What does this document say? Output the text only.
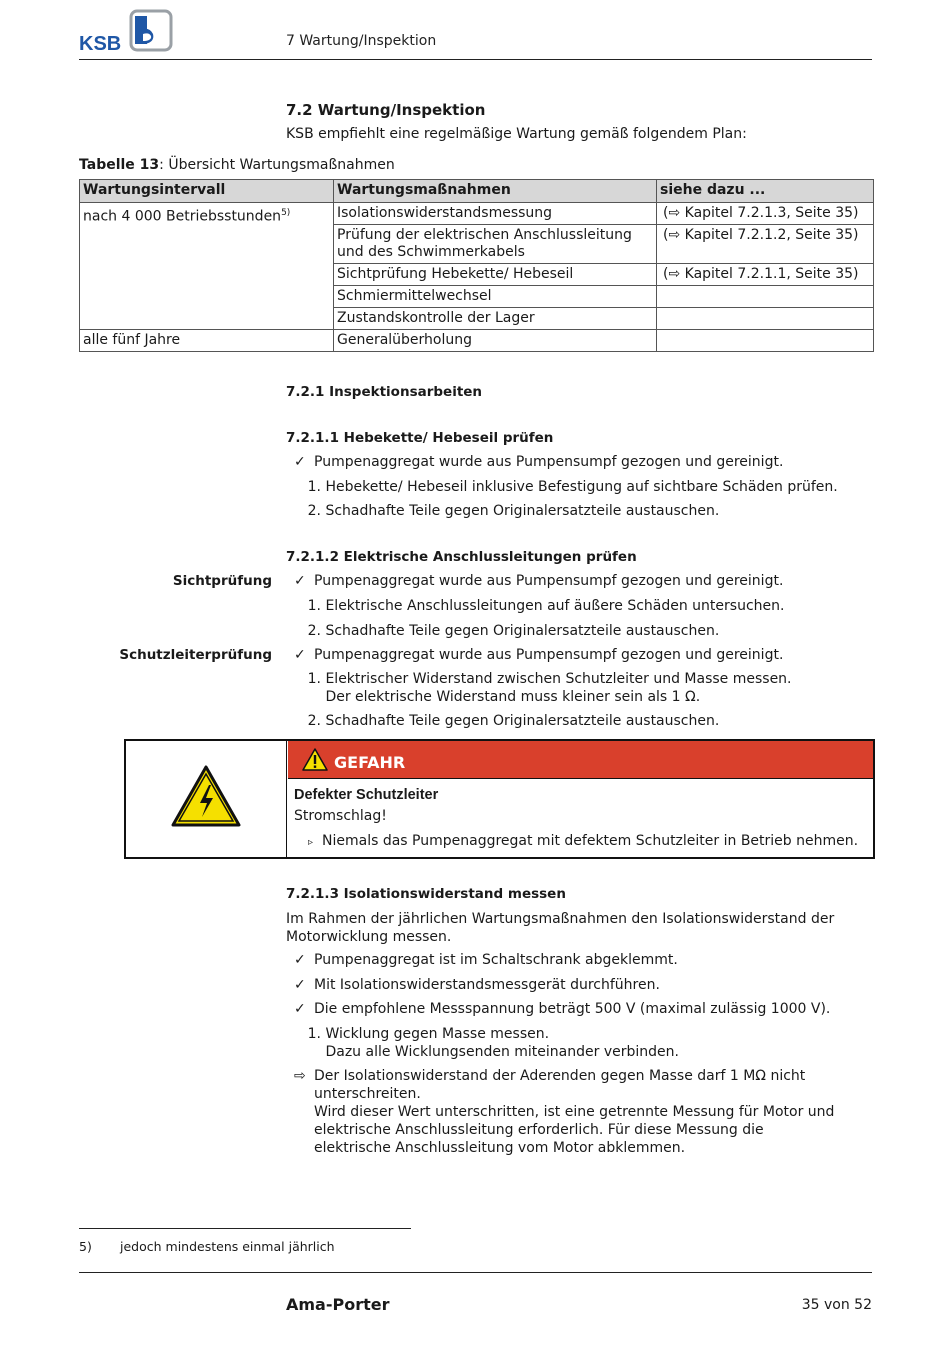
KSB	7 Wartung/Inspektion
7.2 Wartung/Inspektion
KSB empfiehlt eine regelmäßige Wartung gemäß folgendem Plan:
Tabelle 13: Übersicht Wartungsmaßnahmen
Wartungsintervall	Wartungsmaßnahmen	siehe dazu ...
nach 4 000 Betriebsstunden$^{5)}$	Isolationswiderstandsmessung	(⇨ Kapitel 7.2.1.3, Seite 35)
	Prüfung der elektrischen Anschlussleitung und des Schwimmerkabels	(⇨ Kapitel 7.2.1.2, Seite 35)
	Sichtprüfung Hebekette/ Hebeseil	(⇨ Kapitel 7.2.1.1, Seite 35)
	Schmiermittelwechsel	
	Zustandskontrolle der Lager	
alle fünf Jahre	Generalüberholung	
7.2.1 Inspektionsarbeiten
7.2.1.1 Hebekette/ Hebeseil prüfen
✓ Pumpenaggregat wurde aus Pumpensumpf gezogen und gereinigt.
1. Hebekette/ Hebeseil inklusive Befestigung auf sichtbare Schäden prüfen.
2. Schadhafte Teile gegen Originalersatzteile austauschen.
7.2.1.2 Elektrische Anschlussleitungen prüfen
Sichtprüfung ✓ Pumpenaggregat wurde aus Pumpensumpf gezogen und gereinigt.
1. Elektrische Anschlussleitungen auf äußere Schäden untersuchen.
2. Schadhafte Teile gegen Originalersatzteile austauschen.
Schutzleiterprüfung ✓ Pumpenaggregat wurde aus Pumpensumpf gezogen und gereinigt.
1. Elektrischer Widerstand zwischen Schutzleiter und Masse messen.
Der elektrische Widerstand muss kleiner sein als 1 Ω.
2. Schadhafte Teile gegen Originalersatzteile austauschen.
GEFAHR
Defekter Schutzleiter
Stromschlag!
▹ Niemals das Pumpenaggregat mit defektem Schutzleiter in Betrieb nehmen.
7.2.1.3 Isolationswiderstand messen
Im Rahmen der jährlichen Wartungsmaßnahmen den Isolationswiderstand der Motorwicklung messen.
✓ Pumpenaggregat ist im Schaltschrank abgeklemmt.
✓ Mit Isolationswiderstandsmessgerät durchführen.
✓ Die empfohlene Messspannung beträgt 500 V (maximal zulässig 1000 V).
1. Wicklung gegen Masse messen.
Dazu alle Wicklungsenden miteinander verbinden.
⇨ Der Isolationswiderstand der Aderenden gegen Masse darf 1 MΩ nicht unterschreiten.
Wird dieser Wert unterschritten, ist eine getrennte Messung für Motor und elektrische Anschlussleitung erforderlich. Für diese Messung die elektrische Anschlussleitung vom Motor abklemmen.
5) jedoch mindestens einmal jährlich
Ama-Porter	35 von 52
